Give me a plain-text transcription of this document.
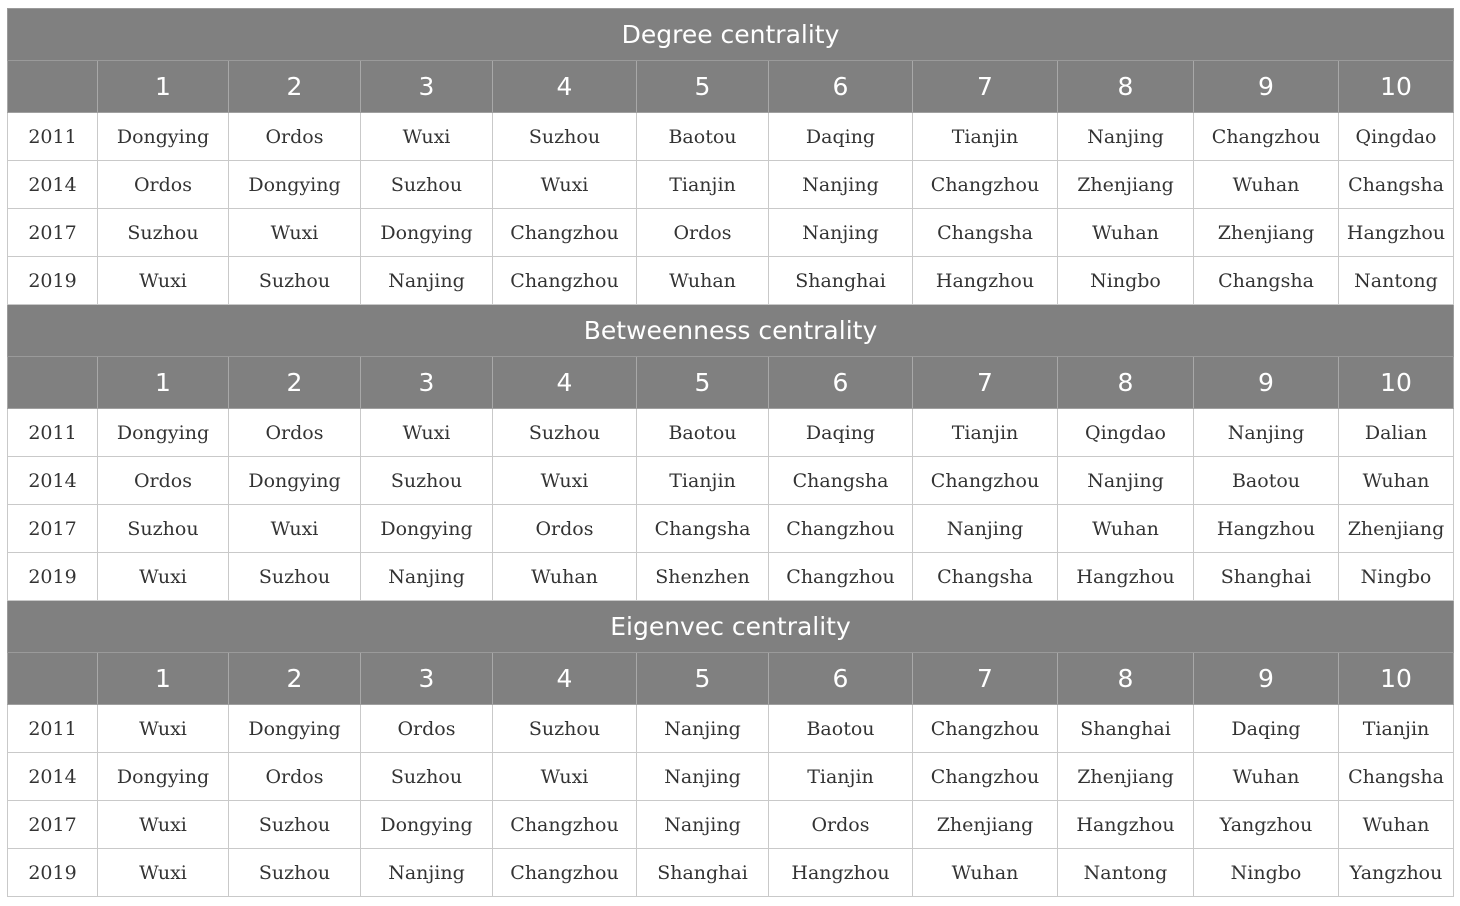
Degree centrality										
	1	2	3	4	5	6	7	8	9	10
2011	Dongying	Ordos	Wuxi	Suzhou	Baotou	Daqing	Tianjin	Nanjing	Changzhou	Qingdao
2014	Ordos	Dongying	Suzhou	Wuxi	Tianjin	Nanjing	Changzhou	Zhenjiang	Wuhan	Changsha
2017	Suzhou	Wuxi	Dongying	Changzhou	Ordos	Nanjing	Changsha	Wuhan	Zhenjiang	Hangzhou
2019	Wuxi	Suzhou	Nanjing	Changzhou	Wuhan	Shanghai	Hangzhou	Ningbo	Changsha	Nantong
Betweenness centrality										
	1	2	3	4	5	6	7	8	9	10
2011	Dongying	Ordos	Wuxi	Suzhou	Baotou	Daqing	Tianjin	Qingdao	Nanjing	Dalian
2014	Ordos	Dongying	Suzhou	Wuxi	Tianjin	Changsha	Changzhou	Nanjing	Baotou	Wuhan
2017	Suzhou	Wuxi	Dongying	Ordos	Changsha	Changzhou	Nanjing	Wuhan	Hangzhou	Zhenjiang
2019	Wuxi	Suzhou	Nanjing	Wuhan	Shenzhen	Changzhou	Changsha	Hangzhou	Shanghai	Ningbo
Eigenvec centrality										
	1	2	3	4	5	6	7	8	9	10
2011	Wuxi	Dongying	Ordos	Suzhou	Nanjing	Baotou	Changzhou	Shanghai	Daqing	Tianjin
2014	Dongying	Ordos	Suzhou	Wuxi	Nanjing	Tianjin	Changzhou	Zhenjiang	Wuhan	Changsha
2017	Wuxi	Suzhou	Dongying	Changzhou	Nanjing	Ordos	Zhenjiang	Hangzhou	Yangzhou	Wuhan
2019	Wuxi	Suzhou	Nanjing	Changzhou	Shanghai	Hangzhou	Wuhan	Nantong	Ningbo	Yangzhou
